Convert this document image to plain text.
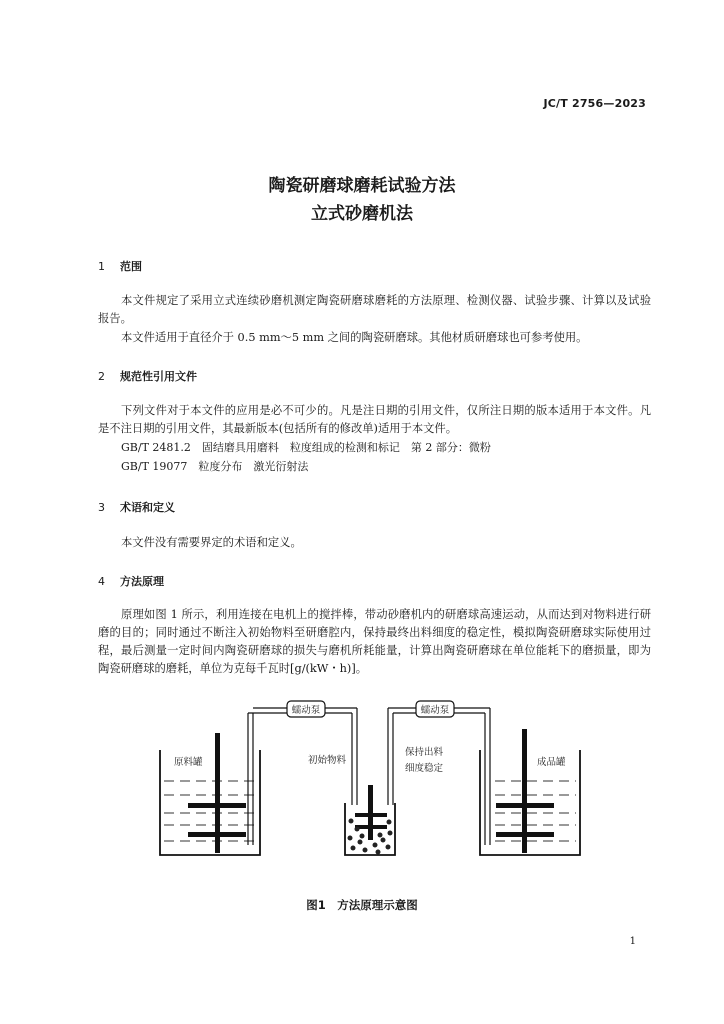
JC/T 2756—2023
陶瓷研磨球磨耗试验方法
立式砂磨机法
1 范围
本文件规定了采用立式连续砂磨机测定陶瓷研磨球磨耗的方法原理、检测仪器、试验步骤、计算以及试验报告。
本文件适用于直径介于 0.5 mm～5 mm 之间的陶瓷研磨球。其他材质研磨球也可参考使用。
2 规范性引用文件
下列文件对于本文件的应用是必不可少的。凡是注日期的引用文件，仅所注日期的版本适用于本文件。凡是不注日期的引用文件，其最新版本(包括所有的修改单)适用于本文件。
GB/T 2481.2　固结磨具用磨料　粒度组成的检测和标记　第 2 部分：微粉
GB/T 19077　粒度分布　激光衍射法
3 术语和定义
本文件没有需要界定的术语和定义。
4 方法原理
原理如图 1 所示，利用连接在电机上的搅拌棒，带动砂磨机内的研磨球高速运动，从而达到对物料进行研磨的目的；同时通过不断注入初始物料至研磨腔内，保持最终出料细度的稳定性，模拟陶瓷研磨球实际使用过程，最后测量一定时间内陶瓷研磨球的损失与磨机所耗能量，计算出陶瓷研磨球在单位能耗下的磨损量，即为陶瓷研磨球的磨耗，单位为克每千瓦时[g/(kW・h)]。
原料罐
蠕动泵
初始物料
蠕动泵
保持出料
细度稳定
成品罐
图1　方法原理示意图
1
